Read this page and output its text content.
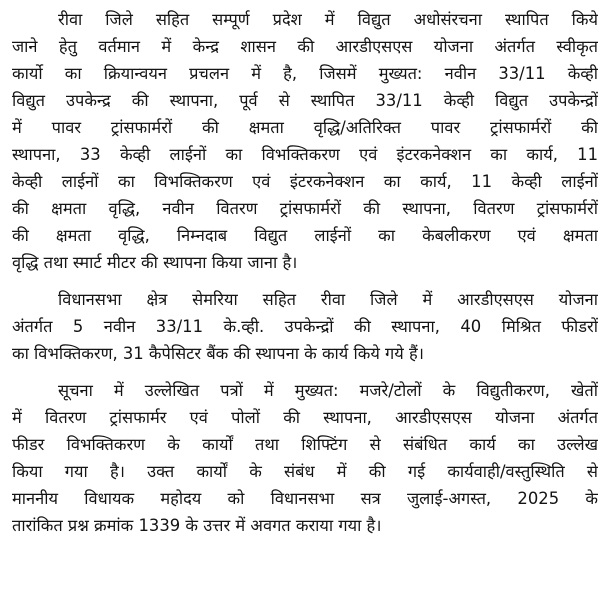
रीवा जिले सहित सम्पूर्ण प्रदेश में विद्युत अधोसंरचना स्थापित किये
जाने हेतु वर्तमान में केन्द्र शासन की आरडीएसएस योजना अंतर्गत स्वीकृत
कार्यो का क्रियान्वयन प्रचलन में है, जिसमें मुख्यत: नवीन 33/11 केव्ही
विद्युत उपकेन्द्र की स्थापना, पूर्व से स्थापित 33/11 केव्ही विद्युत उपकेन्द्रों
में पावर ट्रांसफार्मरों की क्षमता वृद्धि/अतिरिक्त पावर ट्रांसफार्मरों की
स्थापना, 33 केव्ही लाईनों का विभक्तिकरण एवं इंटरकनेक्शन का कार्य, 11
केव्ही लाईनों का विभक्तिकरण एवं इंटरकनेक्शन का कार्य, 11 केव्ही लाईनों
की क्षमता वृद्धि, नवीन वितरण ट्रांसफार्मरों की स्थापना, वितरण ट्रांसफार्मरों
की क्षमता वृद्धि, निम्नदाब विद्युत लाईनों का केबलीकरण एवं क्षमता
वृद्धि तथा स्मार्ट मीटर की स्थापना किया जाना है।
विधानसभा क्षेत्र सेमरिया सहित रीवा जिले में आरडीएसएस योजना
अंतर्गत 5 नवीन 33/11 के.व्ही. उपकेन्द्रों की स्थापना, 40 मिश्रित फीडरों
का विभक्तिकरण, 31 कैपेसिटर बैंक की स्थापना के कार्य किये गये हैं।
सूचना में उल्लेखित पत्रों में मुख्यत: मजरे/टोलों के विद्युतीकरण, खेतों
में वितरण ट्रांसफार्मर एवं पोलों की स्थापना, आरडीएसएस योजना अंतर्गत
फीडर विभक्तिकरण के कार्यों तथा शिफ्टिंग से संबंधित कार्य का उल्लेख
किया गया है। उक्त कार्यों के संबंध में की गई कार्यवाही/वस्तुस्थिति से
माननीय विधायक महोदय को विधानसभा सत्र जुलाई-अगस्त, 2025 के
तारांकित प्रश्न क्रमांक 1339 के उत्तर में अवगत कराया गया है।
